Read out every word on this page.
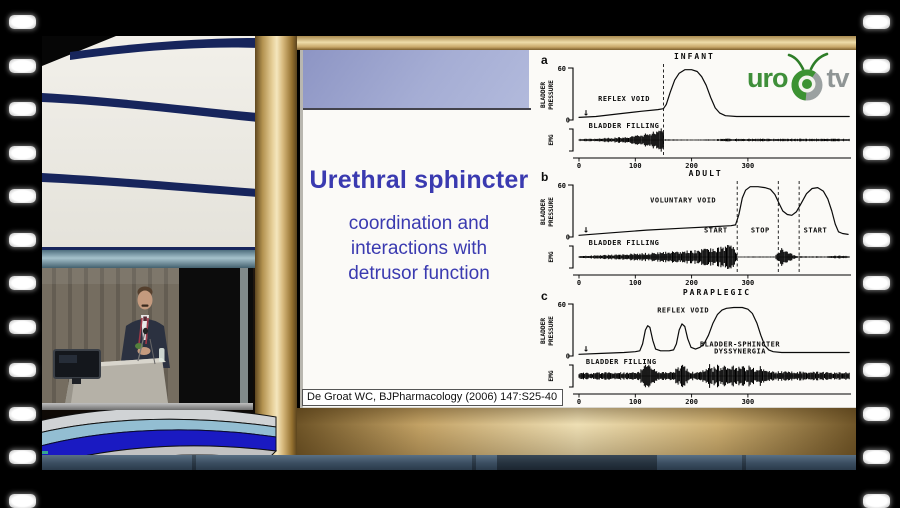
Urethral sphincter
coordination and
interactions with
detrusor function
a	INFANT
BLADDER PRESSURE
EMG
60
0
0	100	200	300
REFLEX VOID
BLADDER FILLING
↓
b	ADULT
BLADDER PRESSURE
EMG
60
0
0	100	200	300
VOLUNTARY VOID
BLADDER FILLING
START	STOP	START
↓
c	PARAPLEGIC
BLADDER PRESSURE
EMG
60
0
0	100	200	300
REFLEX VOID
BLADDER FILLING
BLADDER-SPHINCTER
DYSSYNERGIA
↓
De Groat WC, BJPharmacology (2006) 147:S25-40
uro tv
